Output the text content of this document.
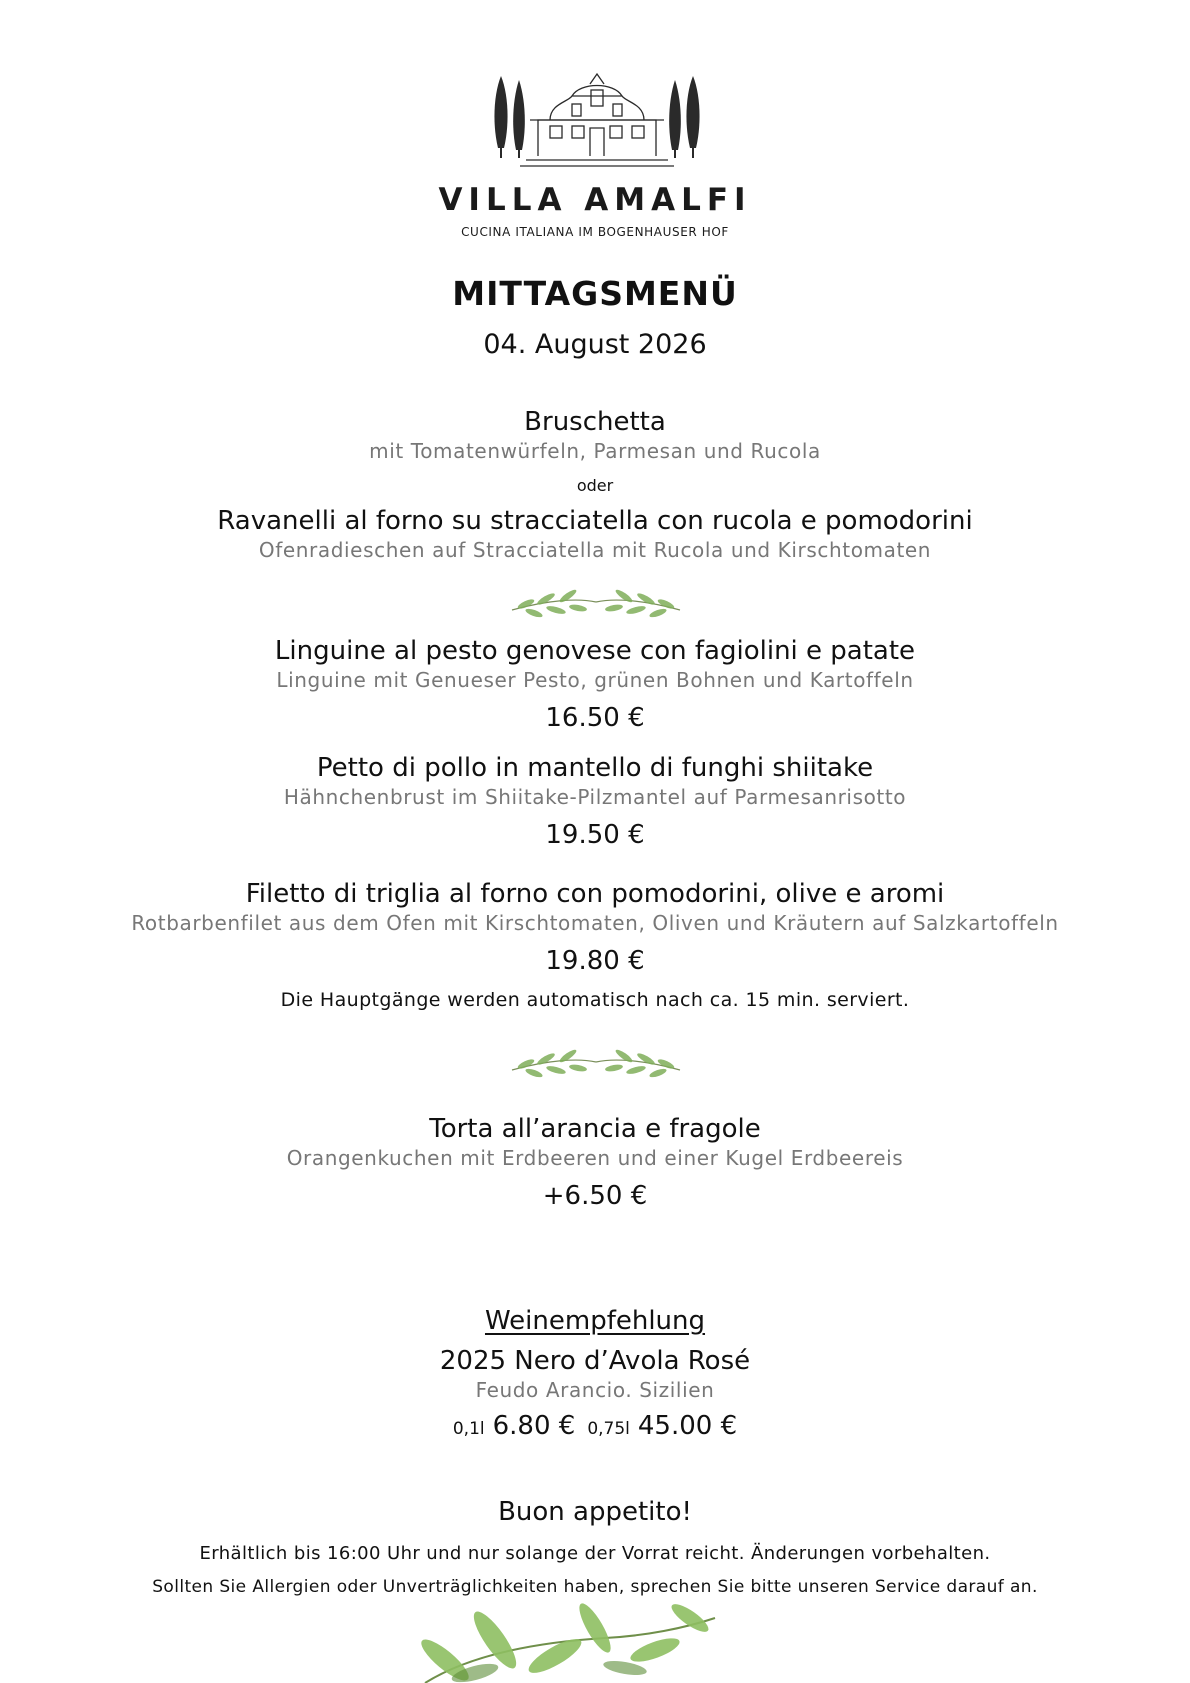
VILLA AMALFI
CUCINA ITALIANA IM BOGENHAUSER HOF
MITTAGSMENÜ
04. August 2026
Bruschetta
mit Tomatenwürfeln, Parmesan und Rucola
oder
Ravanelli al forno su stracciatella con rucola e pomodorini
Ofenradieschen auf Stracciatella mit Rucola und Kirschtomaten
Linguine al pesto genovese con fagiolini e patate
Linguine mit Genueser Pesto, grünen Bohnen und Kartoffeln
16.50 €
Petto di pollo in mantello di funghi shiitake
Hähnchenbrust im Shiitake-Pilzmantel auf Parmesanrisotto
19.50 €
Filetto di triglia al forno con pomodorini, olive e aromi
Rotbarbenfilet aus dem Ofen mit Kirschtomaten, Oliven und Kräutern auf Salzkartoffeln
19.80 €
Die Hauptgänge werden automatisch nach ca. 15 min. serviert.
Torta all’arancia e fragole
Orangenkuchen mit Erdbeeren und einer Kugel Erdbeereis
+6.50 €
Weinempfehlung
2025 Nero d’Avola Rosé
Feudo Arancio. Sizilien
0,1l 6.80 € 0,75l 45.00 €
Buon appetito!
Erhältlich bis 16:00 Uhr und nur solange der Vorrat reicht. Änderungen vorbehalten.
Sollten Sie Allergien oder Unverträglichkeiten haben, sprechen Sie bitte unseren Service darauf an.
